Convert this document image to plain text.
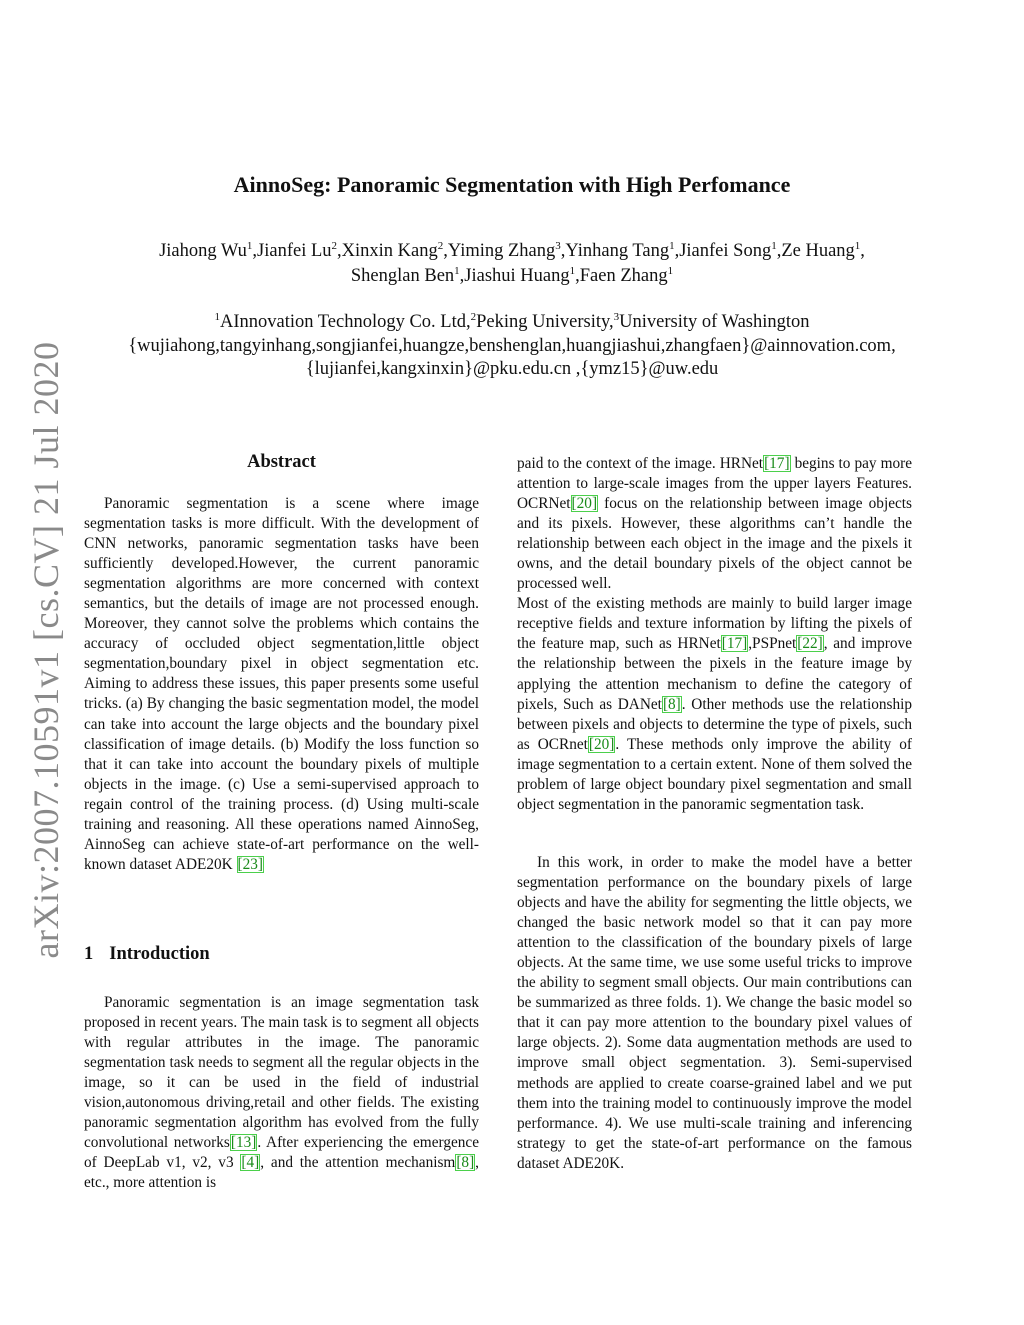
arXiv:2007.10591v1 [cs.CV] 21 Jul 2020
AinnoSeg: Panoramic Segmentation with High Perfomance
Jiahong Wu$^1$,Jianfei Lu$^2$,Xinxin Kang$^2$,Yiming Zhang$^3$,Yinhang Tang$^1$,Jianfei Song$^1$,Ze Huang$^1$,
Shenglan Ben$^1$,Jiashui Huang$^1$,Faen Zhang$^1$
$^1$AInnovation Technology Co. Ltd,$^2$Peking University,$^3$University of Washington
{wujiahong,tangyinhang,songjianfei,huangze,benshenglan,huangjiashui,zhangfaen}@ainnovation.com,
{lujianfei,kangxinxin}@pku.edu.cn ,{ymz15}@uw.edu
Abstract

Panoramic segmentation is a scene where image segmentation tasks is more difficult. With the development of CNN networks, panoramic segmentation tasks have been sufficiently developed.However, the current panoramic segmentation algorithms are more concerned with context semantics, but the details of image are not processed enough. Moreover, they cannot solve the problems which contains the accuracy of occluded object segmentation,little object segmentation,boundary pixel in object segmentation etc. Aiming to address these issues, this paper presents some useful tricks. (a) By changing the basic segmentation model, the model can take into account the large objects and the boundary pixel classification of image details. (b) Modify the loss function so that it can take into account the boundary pixels of multiple objects in the image. (c) Use a semi-supervised approach to regain control of the training process. (d) Using multi-scale training and reasoning. All these operations named AinnoSeg, AinnoSeg can achieve state-of-art performance on the well-known dataset ADE20K [23]

1 Introduction

Panoramic segmentation is an image segmentation task proposed in recent years. The main task is to segment all objects with regular attributes in the image. The panoramic segmentation task needs to segment all the regular objects in the image, so it can be used in the field of industrial vision,autonomous driving,retail and other fields. The existing panoramic segmentation algorithm has evolved from the fully convolutional networks[13]. After experiencing the emergence of DeepLab v1, v2, v3 [4], and the attention mechanism[8], etc., more attention is

paid to the context of the image. HRNet[17] begins to pay more attention to large-scale images from the upper layers Features. OCRNet[20] focus on the relationship between image objects and its pixels. However, these algorithms can’t handle the relationship between each object in the image and the pixels it owns, and the detail boundary pixels of the object cannot be processed well.

Most of the existing methods are mainly to build larger image receptive fields and texture information by lifting the pixels of the feature map, such as HRNet[17],PSPnet[22], and improve the relationship between the pixels in the feature image by applying the attention mechanism to define the category of pixels, Such as DANet[8]. Other methods use the relationship between pixels and objects to determine the type of pixels, such as OCRnet[20]. These methods only improve the ability of image segmentation to a certain extent. None of them solved the problem of large object boundary pixel segmentation and small object segmentation in the panoramic segmentation task.

In this work, in order to make the model have a better segmentation performance on the boundary pixels of large objects and have the ability for segmenting the little objects, we changed the basic network model so that it can pay more attention to the classification of the boundary pixels of large objects. At the same time, we use some useful tricks to improve the ability to segment small objects. Our main contributions can be summarized as three folds. 1). We change the basic model so that it can pay more attention to the boundary pixel values of large objects. 2). Some data augmentation methods are used to improve small object segmentation. 3). Semi-supervised methods are applied to create coarse-grained label and we put them into the training model to continuously improve the model performance. 4). We use multi-scale training and inferencing strategy to get the state-of-art performance on the famous dataset ADE20K.
